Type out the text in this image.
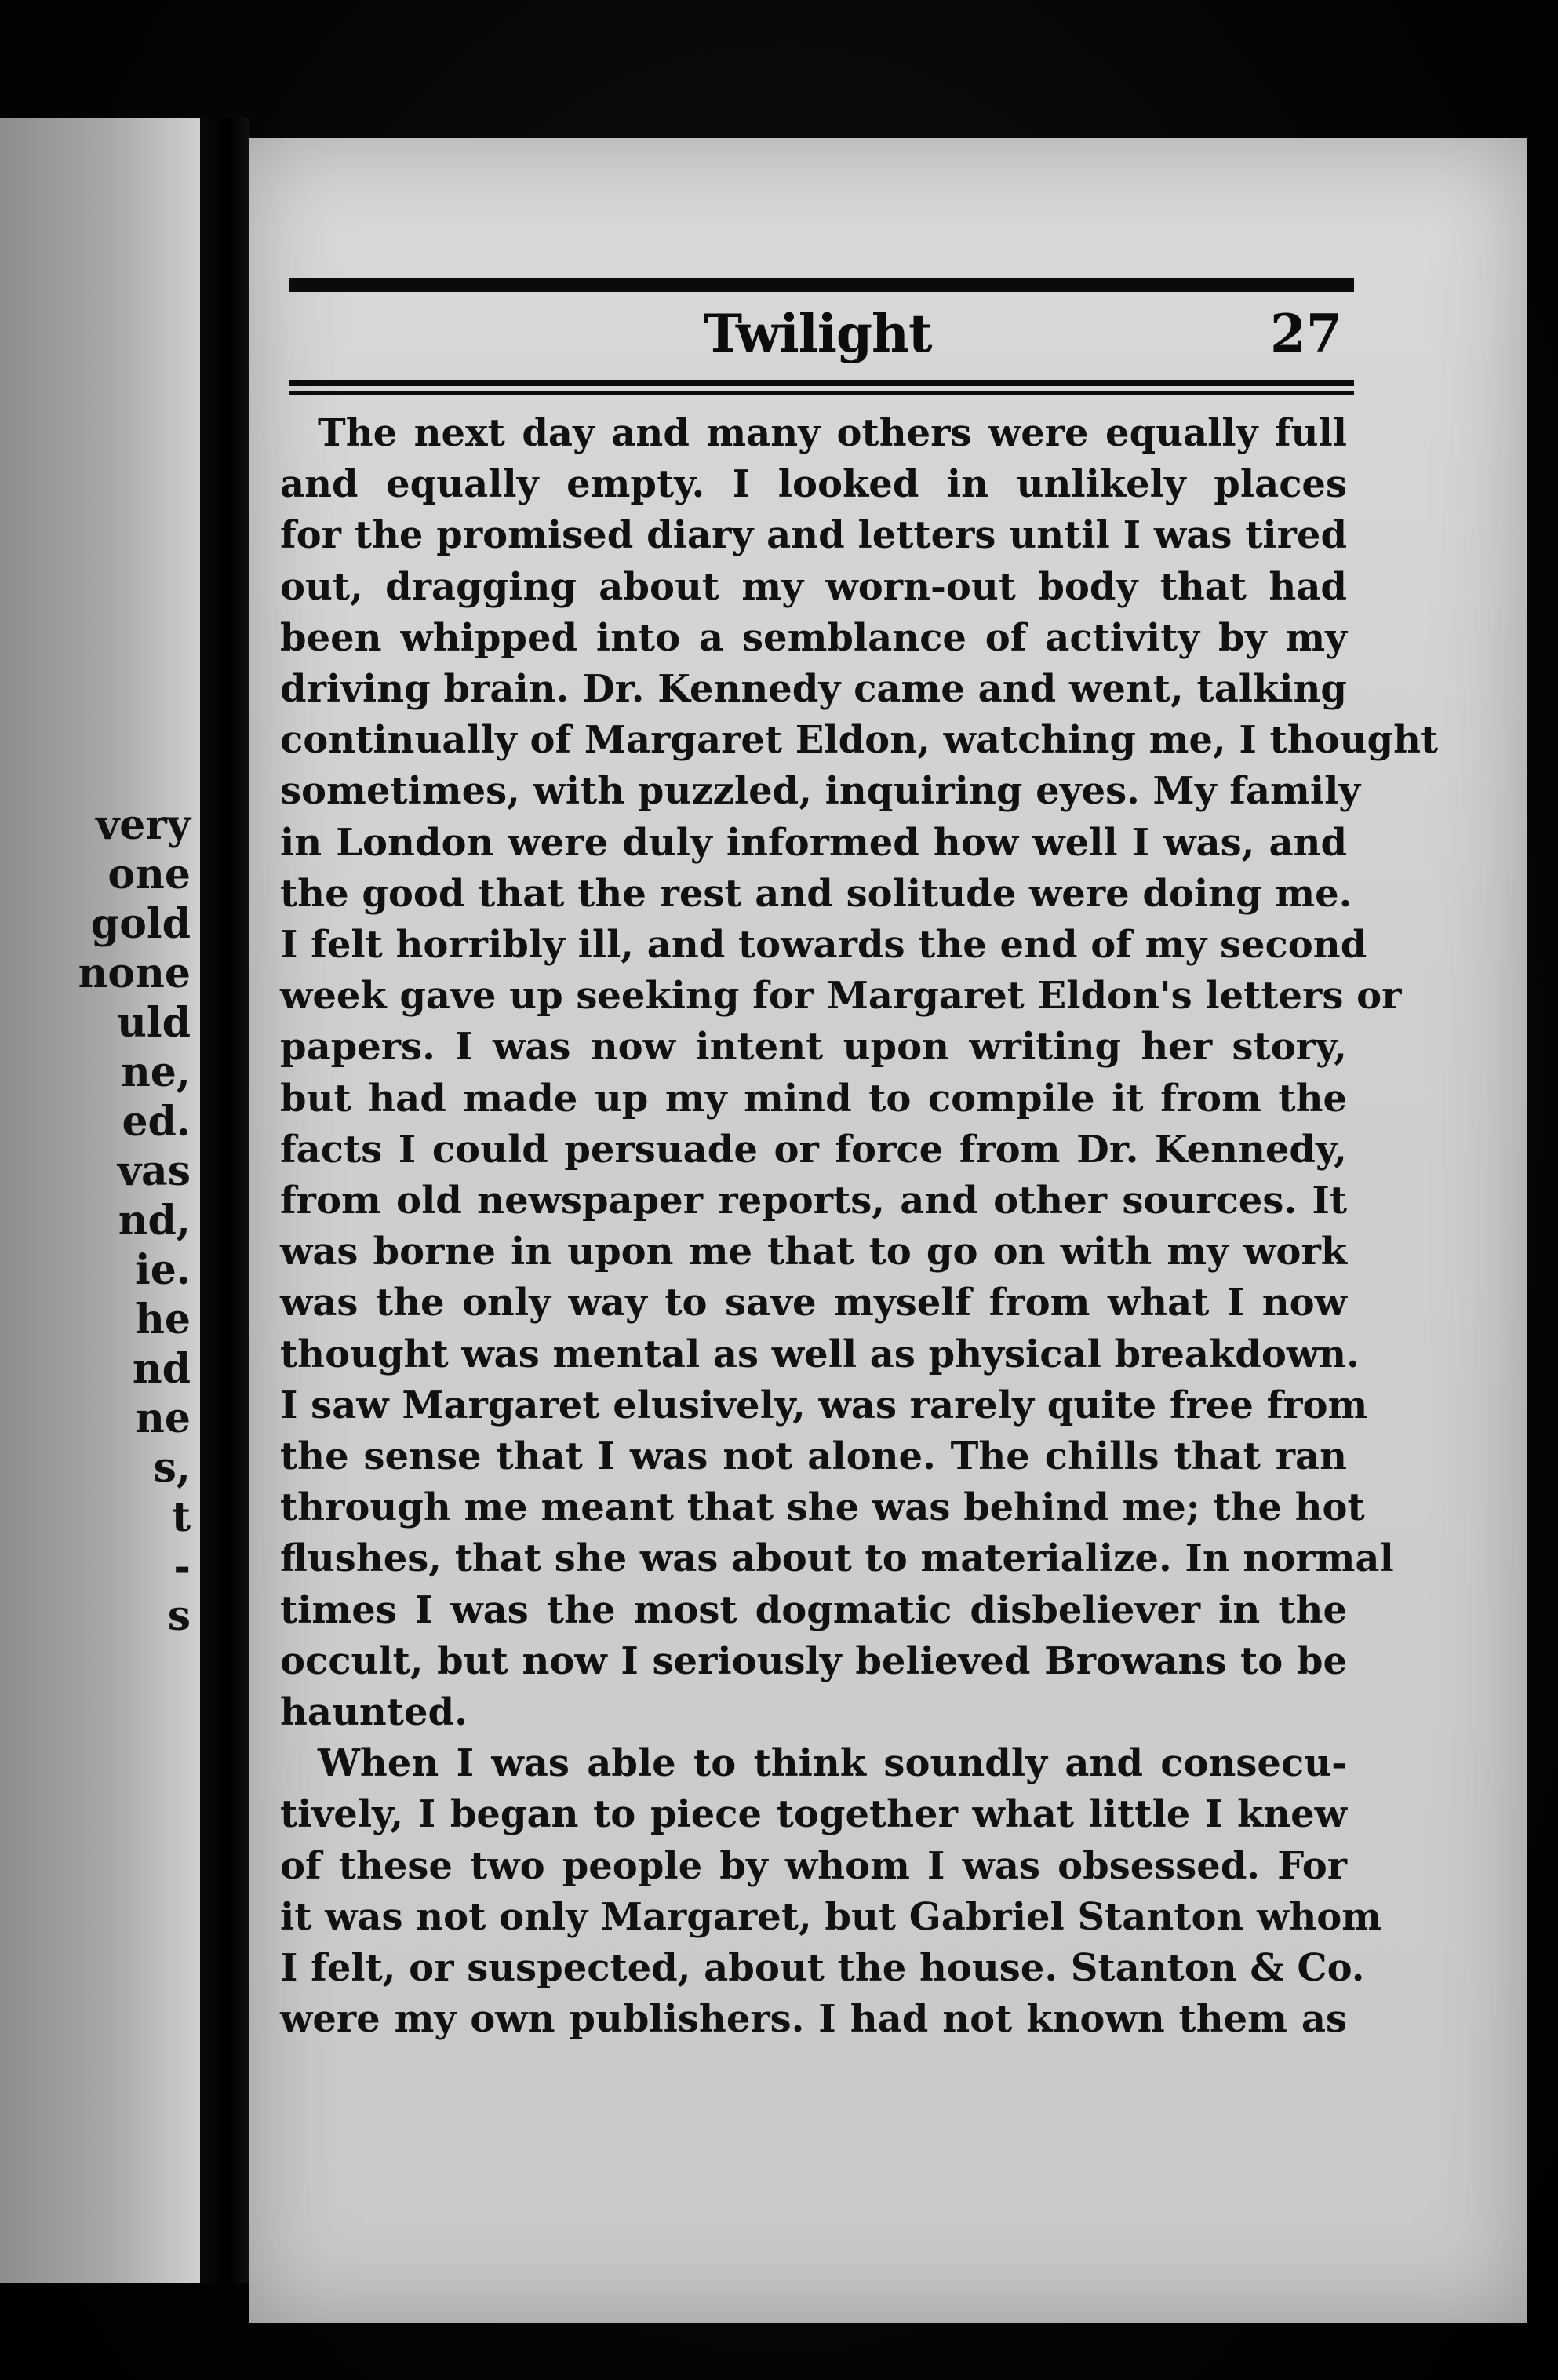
very
one
gold
none
uld
ne,
ed.
vas
nd,
ie.
he
nd
ne
s,
t
-
s
Twilight	27
The next day and many others were equally full
and equally empty. I looked in unlikely places
for the promised diary and letters until I was tired
out, dragging about my worn-out body that had
been whipped into a semblance of activity by my
driving brain. Dr. Kennedy came and went, talking
continually of Margaret Eldon, watching me, I thought
sometimes, with puzzled, inquiring eyes. My family
in London were duly informed how well I was, and
the good that the rest and solitude were doing me.
I felt horribly ill, and towards the end of my second
week gave up seeking for Margaret Eldon's letters or
papers. I was now intent upon writing her story,
but had made up my mind to compile it from the
facts I could persuade or force from Dr. Kennedy,
from old newspaper reports, and other sources. It
was borne in upon me that to go on with my work
was the only way to save myself from what I now
thought was mental as well as physical breakdown.
I saw Margaret elusively, was rarely quite free from
the sense that I was not alone. The chills that ran
through me meant that she was behind me; the hot
flushes, that she was about to materialize. In normal
times I was the most dogmatic disbeliever in the
occult, but now I seriously believed Browans to be
haunted.
When I was able to think soundly and consecu-
tively, I began to piece together what little I knew
of these two people by whom I was obsessed. For
it was not only Margaret, but Gabriel Stanton whom
I felt, or suspected, about the house. Stanton & Co.
were my own publishers. I had not known them as
